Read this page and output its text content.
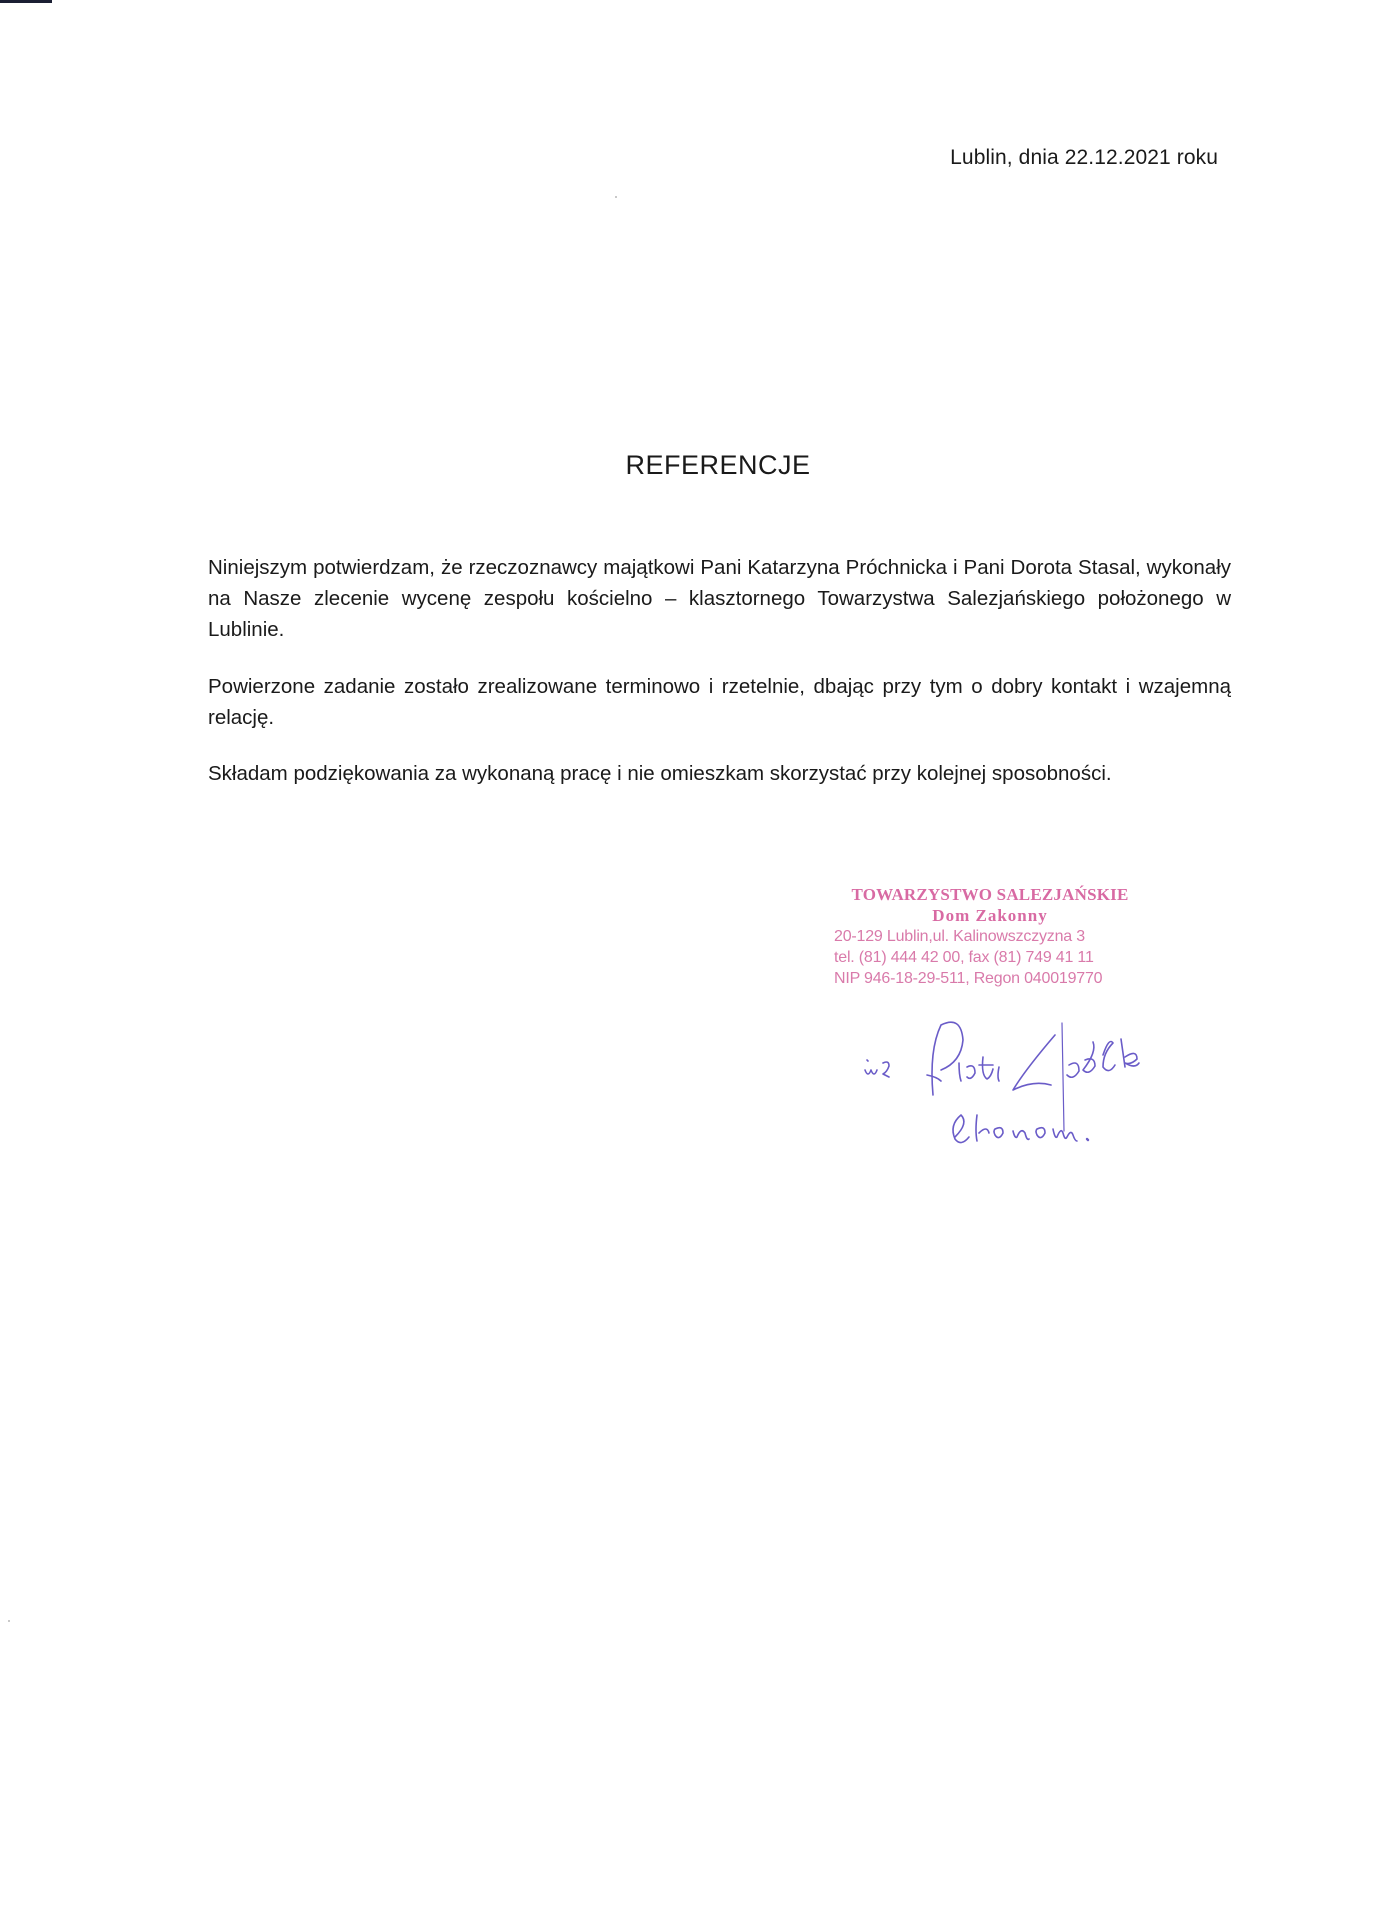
Lublin, dnia 22.12.2021 roku
REFERENCJE

Niniejszym potwierdzam, że rzeczoznawcy majątkowi Pani Katarzyna Próchnicka i Pani Dorota Stasal, wykonały na Nasze zlecenie wycenę zespołu kościelno – klasztornego Towarzystwa Salezjańskiego położonego w Lublinie.

Powierzone zadanie zostało zrealizowane terminowo i rzetelnie, dbając przy tym o dobry kontakt i wzajemną relację.

Składam podziękowania za wykonaną pracę i nie omieszkam skorzystać przy kolejnej sposobności.

TOWARZYSTWO SALEZJAŃSKIE
Dom Zakonny
20-129 Lublin,ul. Kalinowszczyzna 3
tel. (81) 444 42 00, fax (81) 749 41 11
NIP 946-18-29-511, Regon 040019770
